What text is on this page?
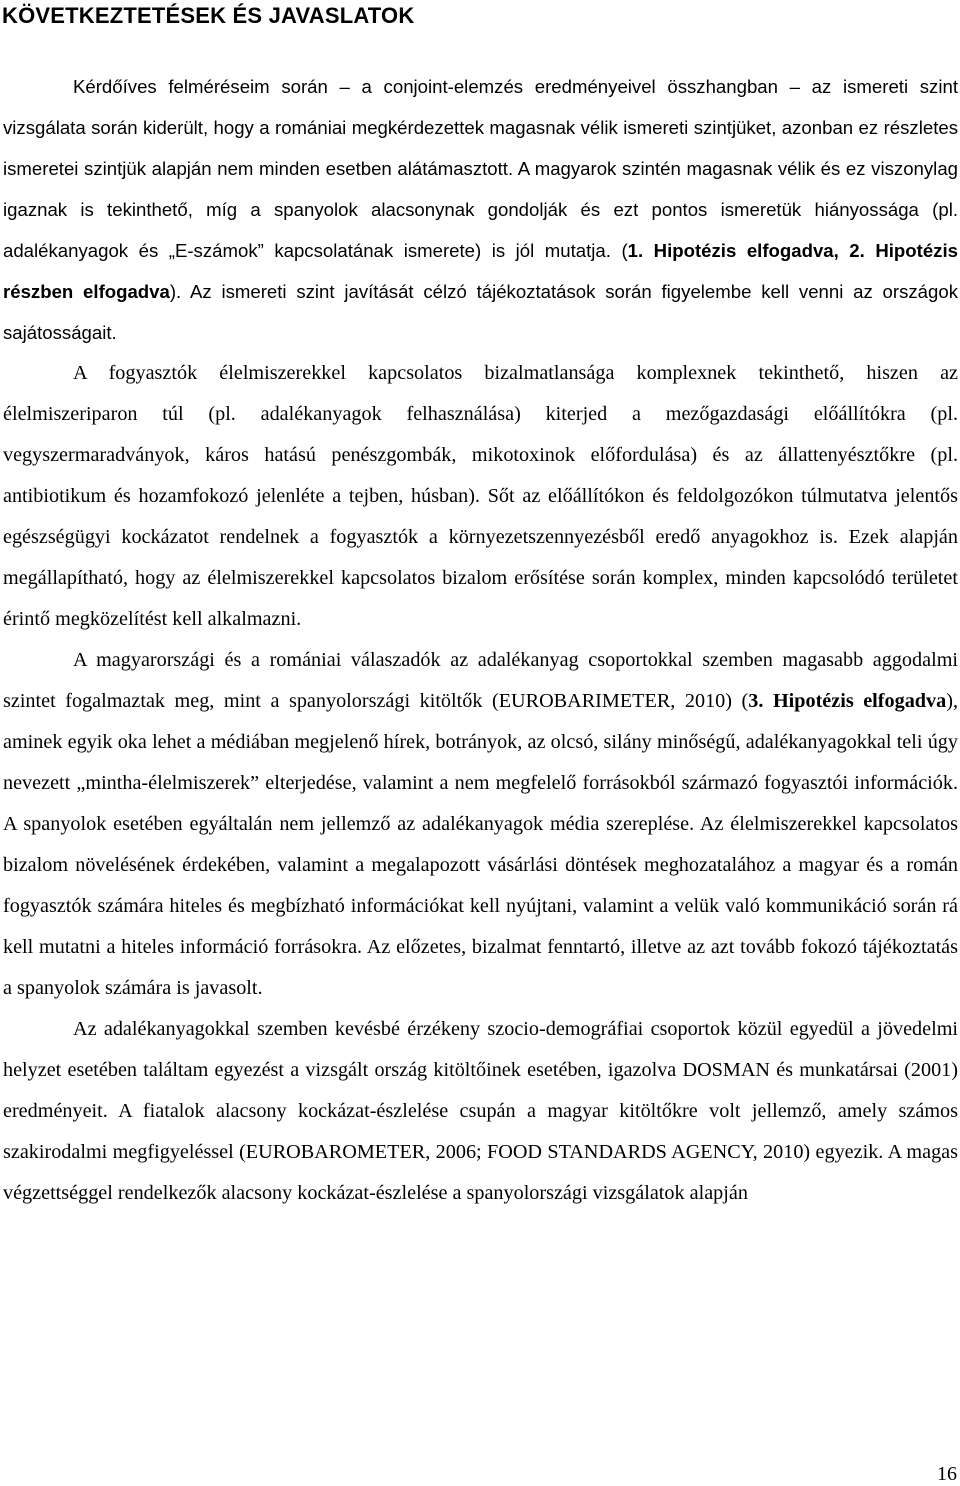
KÖVETKEZTETÉSEK ÉS JAVASLATOK

Kérdőíves felméréseim során – a conjoint-elemzés eredményeivel összhangban – az ismereti szint vizsgálata során kiderült, hogy a romániai megkérdezettek magasnak vélik ismereti szintjüket, azonban ez részletes ismeretei szintjük alapján nem minden esetben alátámasztott. A magyarok szintén magasnak vélik és ez viszonylag igaznak is tekinthető, míg a spanyolok alacsonynak gondolják és ezt pontos ismeretük hiányossága (pl. adalékanyagok és „E-számok” kapcsolatának ismerete) is jól mutatja. (1. Hipotézis elfogadva, 2. Hipotézis részben elfogadva). Az ismereti szint javítását célzó tájékoztatások során figyelembe kell venni az országok sajátosságait.

A fogyasztók élelmiszerekkel kapcsolatos bizalmatlansága komplexnek tekinthető, hiszen az élelmiszeriparon túl (pl. adalékanyagok felhasználása) kiterjed a mezőgazdasági előállítókra (pl. vegyszermaradványok, káros hatású penészgombák, mikotoxinok előfordulása) és az állattenyésztőkre (pl. antibiotikum és hozamfokozó jelenléte a tejben, húsban). Sőt az előállítókon és feldolgozókon túlmutatva jelentős egészségügyi kockázatot rendelnek a fogyasztók a környezetszennyezésből eredő anyagokhoz is. Ezek alapján megállapítható, hogy az élelmiszerekkel kapcsolatos bizalom erősítése során komplex, minden kapcsolódó területet érintő megközelítést kell alkalmazni.

A magyarországi és a romániai válaszadók az adalékanyag csoportokkal szemben magasabb aggodalmi szintet fogalmaztak meg, mint a spanyolországi kitöltők (EUROBARIMETER, 2010) (3. Hipotézis elfogadva), aminek egyik oka lehet a médiában megjelenő hírek, botrányok, az olcsó, silány minőségű, adalékanyagokkal teli úgy nevezett „mintha-élelmiszerek” elterjedése, valamint a nem megfelelő forrásokból származó fogyasztói információk. A spanyolok esetében egyáltalán nem jellemző az adalékanyagok média szereplése. Az élelmiszerekkel kapcsolatos bizalom növelésének érdekében, valamint a megalapozott vásárlási döntések meghozatalához a magyar és a román fogyasztók számára hiteles és megbízható információkat kell nyújtani, valamint a velük való kommunikáció során rá kell mutatni a hiteles információ forrásokra. Az előzetes, bizalmat fenntartó, illetve az azt tovább fokozó tájékoztatás a spanyolok számára is javasolt.

Az adalékanyagokkal szemben kevésbé érzékeny szocio-demográfiai csoportok közül egyedül a jövedelmi helyzet esetében találtam egyezést a vizsgált ország kitöltőinek esetében, igazolva DOSMAN és munkatársai (2001) eredményeit. A fiatalok alacsony kockázat-észlelése csupán a magyar kitöltőkre volt jellemző, amely számos szakirodalmi megfigyeléssel (EUROBAROMETER, 2006; FOOD STANDARDS AGENCY, 2010) egyezik. A magas végzettséggel rendelkezők alacsony kockázat-észlelése a spanyolországi vizsgálatok alapján

16
